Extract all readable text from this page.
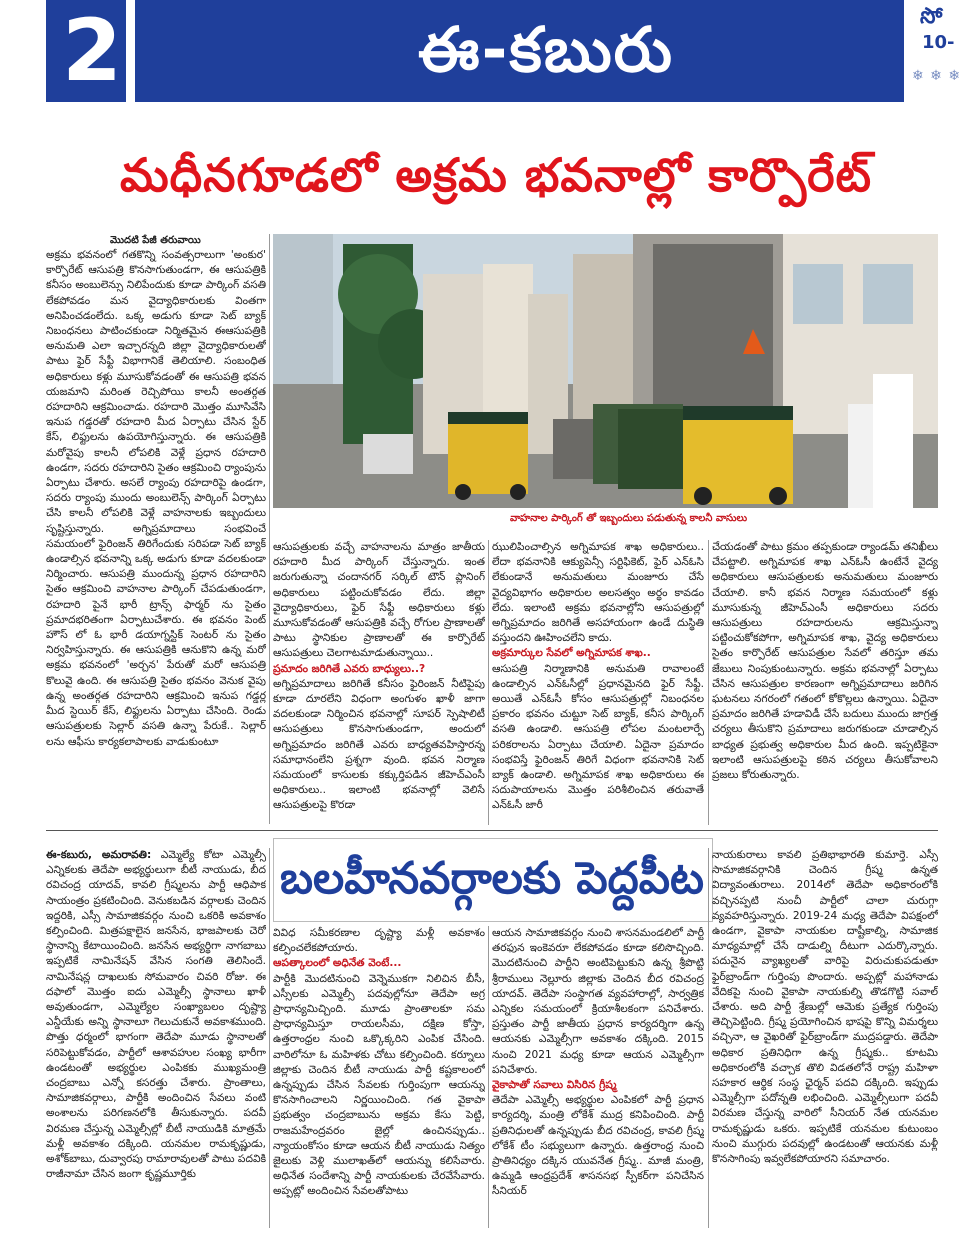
2	ఈ-కబురు	సో
10-
❄ ❄ ❄
మధీనగూడలో అక్రమ భవనాల్లో కార్పొరేట్
మొదటి పేజీ తరువాయి

అక్రమ భవనంలో గతకొన్ని సంవత్సరాలుగా 'అంకుర' కార్పొరేట్ ఆసుపత్రి కొనసాగుతుండగా, ఈ ఆసుపత్రికి కనీసం అంబులెన్సు నిలిపేందుకు కూడా పార్కింగ్ వసతి లేకపోవడం మన వైద్యాధికారులకు వింతగా అనిపించడంలేదు. ఒక్క అడుగు కూడా సెట్ బ్యాక్ నిబంధనలు పాటించకుండా నిర్మితమైన ఈఆసుపత్రికి అనుమతి ఎలా ఇచ్చారన్నది జిల్లా వైద్యాధికారులతో పాటు ఫైర్ సేఫ్టీ విభాగానికే తెలియాలి. సంబంధిత అధికారులు కళ్లు మూసుకోవడంతో ఈ ఆసుపత్రి భవన యజమాని మరింత రెచ్చిపోయి కాలనీ అంతర్గత రహదారిని ఆక్రమించాడు. రహదారి మొత్తం మూసివేసి ఇనుప గడ్డరతో రహదారి మీద ఏర్పాటు చేసిన స్టేర్ కేస్, లిఫ్టులను ఉపయోగిస్తున్నారు. ఈ ఆసుపత్రికి మరోవైపు కాలనీ లోపలికి వెళ్లే ప్రధాన రహదారి ఉండగా, సదరు రహదారిని సైతం ఆక్రమించి ర్యాంపును ఏర్పాటు చేశారు. అసలే ర్యాంపు రహదారిపై ఉండగా, సదరు ర్యాంపు ముందు అంబులెన్స్ పార్కింగ్ ఏర్పాటు చేసి కాలనీ లోపలికి వెళ్లే వాహనాలకు ఇబ్బందులు సృష్టిస్తున్నారు. అగ్నిప్రమాదాలు సంభవించే సమయంలో ఫైరింజన్ తిరిగేందుకు సరిపడా సెట్ బ్యాక్ ఉండాల్సిన భవనాన్ని ఒక్క అడుగు కూడా వదలకుండా నిర్మించారు. ఆసుపత్రి ముందున్న ప్రధాన రహదారిని సైతం ఆక్రమించి వాహనాల పార్కింగ్ చేపడుతుండగా, రహదారి పైనే భారీ ట్రాన్స్ ఫార్మర్ ను సైతం ప్రమాదభరితంగా ఏర్పాటుచేశారు. ఈ భవనం పెంట్ హౌస్ లో ఓ భారీ డయాగ్నస్టిక్ సెంటర్ ను సైతం నిర్వహిస్తున్నారు. ఈ ఆసుపత్రికి ఆనుకొని ఉన్న మరో అక్రమ భవనంలో 'అర్చన' పేరుతో మరో ఆసుపత్రి కొలువై ఉంది. ఈ ఆసుపత్రి సైతం భవనం వెనుక వైపు ఉన్న అంతర్గత రహదారిని ఆక్రమించి ఇనుప గడ్డర్ల మీద స్టెయిర్ కేస్, లిఫ్టులను ఏర్పాటు చేసింది. రెండు ఆసుపత్రులకు సెల్లార్ వసతి ఉన్నా పేరుకే.. సెల్లార్ లను ఆఫీసు కార్యకలాపాలకు వాడుకుంటూ

వాహనాల పార్కింగ్ తో ఇబ్బందులు పడుతున్న కాలనీ వాసులు

ఆసుపత్రులకు వచ్చే వాహనాలను మాత్రం జాతీయ రహదారి మీద పార్కింగ్ చేస్తున్నారు. ఇంత జరుగుతున్నా చందానగర్ సర్కిల్ టౌన్ ప్లానింగ్ అధికారులు పట్టించుకోవడం లేదు. జిల్లా వైద్యాధికారులు, ఫైర్ సేఫ్టీ అధికారులు కళ్లు మూసుకోవడంతో ఆసుపత్రికి వచ్చే రోగుల ప్రాణాలతో పాటు స్థానికుల ప్రాణాలతో ఈ కార్పొరేట్ ఆసుపత్రులు చెలగాటమాడుతున్నాయి..

ప్రమాదం జరిగితే ఎవరు బాధ్యులు..?

అగ్నిప్రమాదాలు జరిగితే కనీసం ఫైరింజన్ నీటిపైపు కూడా దూరలేని విధంగా అంగుళం ఖాళీ జాగా వదలకుండా నిర్మించిన భవనాల్లో సూపర్ స్పెషాలిటీ ఆసుపత్రులు కొనసాగుతుండగా, అందులో అగ్నిప్రమాదం జరిగితే ఎవరు బాధ్యతవహిస్తారన్న సమాధానంలేని ప్రశ్నగా వుంది. భవన నిర్మాణ సమయంలో కాసులకు కక్కుర్తిపడిన జీహెచ్ఎంసీ అధికారులు.. ఇలాంటి భవనాల్లో వెలిసే ఆసుపత్రులపై కొరడా

ఝులిపించాల్సిన అగ్నిమాపక శాఖ అధికారులు.. లేదా భవనానికి ఆక్యుపెన్సీ సర్టిఫికెట్, ఫైర్ ఎన్ఓసి లేకుండానే అనుమతులు మంజూరు చేసే వైద్యవిభాగం అధికారుల అలసత్వం అర్థం కావడం లేదు. ఇలాంటి అక్రమ భవనాల్లోని ఆసుపత్రుల్లో అగ్నిప్రమాదం జరిగితే అసహాయంగా ఉండే దుస్థితి వస్తుందని ఊహించలేని కాదు.

అక్రమార్కుల సేవలో అగ్నిమాపక శాఖ..

ఆసుపత్రి నిర్మాణానికి అనుమతి రావాలంటే ఉండాల్సిన ఎన్ఓసీల్లో ప్రధానమైనది ఫైర్ సేఫ్టీ. అయితే ఎన్ఓసీ కోసం ఆసుపత్రుల్లో నిబంధనల ప్రకారం భవనం చుట్టూ సెట్ బ్యాక్, కనీస పార్కింగ్ వసతి ఉండాలి. ఆసుపత్రి లోపల మంటలార్పే పరికరాలను ఏర్పాటు చేయాలి. ఏదైనా ప్రమాదం సంభవిస్తే ఫైరింజన్ తిరిగే విధంగా భవనానికి సెట్ బ్యాక్ ఉండాలి. అగ్నిమాపక శాఖ అధికారులు ఈ సదుపాయాలను మొత్తం పరిశీలించిన తరువాతే ఎన్ఓసీ జారీ

చేయడంతో పాటు క్రమం తప్పకుండా ర్యాండమ్ తనిఖీలు చేపట్టాలి. అగ్నిమాపక శాఖ ఎన్ఓసీ ఉంటేనే వైద్య అధికారులు ఆసుపత్రులకు అనుమతులు మంజూరు చేయాలి. కానీ భవన నిర్మాణ సమయంలో కళ్లు మూసుకున్న జీహెచ్ఎంసీ అధికారులు సదరు ఆసుపత్రులు రహదారులను ఆక్రమిస్తున్నా పట్టించుకోకపోగా, అగ్నిమాపక శాఖ, వైద్య అధికారులు సైతం కార్పొరేట్ ఆసుపత్రుల సేవలో తరిస్తూ తమ జేబులు నింపుకుంటున్నారు. అక్రమ భవనాల్లో ఏర్పాటు చేసిన ఆసుపత్రుల కారణంగా అగ్నిప్రమాదాలు జరిగిన ఘటనలు నగరంలో గతంలో కోకొల్లలు ఉన్నాయి. ఏదైనా ప్రమాదం జరిగితే హడావిడీ చేసే బదులు ముందు జాగ్రత్త చర్యలు తీసుకొని ప్రమాదాలు జరుగకుండా చూడాల్సిన బాధ్యత ప్రభుత్వ అధికారుల మీద ఉంది. ఇప్పటికైనా ఇలాంటి ఆసుపత్రులపై కఠిన చర్యలు తీసుకోవాలని ప్రజలు కోరుతున్నారు.

బలహీనవర్గాలకు పెద్దపీట

ఈ-కబురు, అమరావతి: ఎమ్మెల్యే కోటా ఎమ్మెల్సీ ఎన్నికలకు తెదేపా అభ్యర్థులుగా బీటీ నాయుడు, బీద రవిచంద్ర యాదవ్, కావలి గ్రీష్మలను పార్టీ ఆధిపాక సాయంత్రం ప్రకటించింది. వెనుకబడిన వర్గాలకు చెందిన ఇద్దరికి, ఎస్సీ సామాజికవర్గం నుంచి ఒకరికి అవకాశం కల్పించింది. మిత్రపక్షాలైన జనసేన, భాజపాలకు చెరో స్థానాన్ని కేటాయించింది. జనసేన అభ్యర్థిగా నాగబాబు ఇప్పటికే నామినేషన్ వేసిన సంగతి తెలిసిందే. నామినేషన్ల దాఖలుకు సోమవారం చివరి రోజు. ఈ దఫాలో మొత్తం ఐదు ఎమ్మెల్సీ స్థానాలు ఖాళీ అవుతుండగా, ఎమ్మెల్యేల సంఖ్యాబలం దృష్ట్యా ఎన్డీయేకు అన్ని స్థానాలూ గెలుచుకునే అవకాశముంది. పొత్తు ధర్మంలో భాగంగా తెదేపా మూడు స్థానాలతో సరిపెట్టుకోవడం, పార్టీలో ఆశావహుల సంఖ్య భారీగా ఉండటంతో అభ్యర్థుల ఎంపికకు ముఖ్యమంత్రి చంద్రబాబు ఎన్నో కసరత్తు చేశారు. ప్రాంతాలు, సామాజికవర్గాలు, పార్టీకి అందించిన సేవలు వంటి అంశాలను పరిగణనలోకి తీసుకున్నారు. పదవీ విరమణ చేస్తున్న ఎమ్మెల్సీల్లో బీటీ నాయుడికి మాత్రమే మళ్లీ అవకాశం దక్కింది. యనమల రామకృష్ణుడు, అశోక్‌బాబు, దువ్వారపు రామారావులతో పాటు పదవికి రాజీనామా చేసిన జంగా కృష్ణమూర్తికు

వివిధ సమీకరణాల దృష్ట్యా మళ్లీ అవకాశం కల్పించలేకపోయారు.

ఆపత్కాలంలో అధినేత వెంటే...

పార్టీకి మొదటినుంచి వెన్నెముకగా నిలిచిన బీసీ, ఎస్సీలకు ఎమ్మెల్సీ పదవుల్లోనూ తెదేపా అగ్ర ప్రాధాన్యమిచ్చింది. మూడు ప్రాంతాలకూ సమ ప్రాధాన్యమిస్తూ రాయలసీమ, దక్షిణ కోస్తా, ఉత్తరాంధ్రల నుంచి ఒక్కొక్కరిని ఎంపిక చేసింది. వారిలోనూ ఓ మహిళకు చోటు కల్పించింది. కర్నూలు జిల్లాకు చెందిన బీటీ నాయుడు పార్టీ కష్టకాలంలో ఉన్నప్పుడు చేసిన సేవలకు గుర్తింపుగా ఆయన్ను కొనసాగించాలని నిర్ణయించింది. గత వైకాపా ప్రభుత్వం చంద్రబాబును అక్రమ కేసు పెట్టి, రాజమహేంద్రవరం జైల్లో ఉంచినప్పుడు.. న్యాయంకోసం కూడా ఆయన బీటీ నాయుడు నిత్యం జైలుకు వెళ్లి ములాఖత్‌లో ఆయన్ను కలిసేవారు. అధినేత సందేశాన్ని పార్టీ నాయకులకు చేరవేసేవారు. అప్పట్లో అందించిన సేవలతోపాటు

ఆయన సామాజికవర్గం నుంచి శాసనమండలిలో పార్టీ తరఫున ఇంకెవరూ లేకపోవడం కూడా కలిసొచ్చింది. మొదటినుంచి పార్టీని అంటిపెట్టుకుని ఉన్న శ్రీపొట్టి శ్రీరాములు నెల్లూరు జిల్లాకు చెందిన బీద రవిచంద్ర యాదవ్. తెదేపా సంస్థాగత వ్యవహారాల్లో, సార్వత్రిక ఎన్నికల సమయంలో క్రియాశీలకంగా పనిచేశారు. ప్రస్తుతం పార్టీ జాతీయ ప్రధాన కార్యదర్శిగా ఉన్న ఆయనకు ఎమ్మెల్సీగా అవకాశం దక్కింది. 2015 నుంచి 2021 మధ్య కూడా ఆయన ఎమ్మెల్సీగా పనిచేశారు.

వైకాపాతో సవాలు విసిరిన గ్రీష్మ

తెదేపా ఎమ్మెల్సీ అభ్యర్థుల ఎంపికలో పార్టీ ప్రధాన కార్యదర్శి, మంత్రి లోకేశ్ ముద్ర కనిపించింది. పార్టీ ప్రతినిధులతో ఉన్నప్పుడు బీద రవిచంద్ర, కావలి గ్రీష్మ లోకేశ్ టీం సభ్యులుగా ఉన్నారు. ఉత్తరాంధ్ర నుంచి ప్రాతినిధ్యం దక్కిన యువనేత గ్రీష్మ.. మాజీ మంత్రి, ఉమ్మడి ఆంధ్రప్రదేశ్ శాసనసభ స్పీకర్‌గా పనిచేసిన సీనియర్

నాయకురాలు కావలి ప్రతిభాభారతి కుమార్తె. ఎస్సీ సామాజికవర్గానికి చెందిన గ్రీష్మ ఉన్నత విద్యావంతురాలు. 2014లో తెదేపా అధికారంలోకి వచ్చినప్పటి నుంచీ పార్టీలో చాలా చురుగ్గా వ్యవహరిస్తున్నారు. 2019-24 మధ్య తెదేపా విపక్షంలో ఉండగా, వైకాపా నాయకుల దాష్టీకాల్ని, సామాజిక మాధ్యమాల్లో చేసే దాడుల్ని దీటుగా ఎదుర్కొన్నారు. పదునైన వ్యాఖ్యలతో వారిపై విరుచుకుపడుతూ ఫైర్‌బ్రాండ్‌గా గుర్తింపు పొందారు. అప్పట్లో మహానాడు వేదికపై నుంచి వైకాపా నాయకుల్ని తొడగొట్టి సవాల్ చేశారు. అది పార్టీ శ్రేణుల్లో ఆమెకు ప్రత్యేక గుర్తింపు తెచ్చిపెట్టింది. గ్రీష్మ ప్రయోగించిన భాషపై కొన్ని విమర్శలు వచ్చినా, ఆ వైఖరితో ఫైర్‌బ్రాండ్‌గా ముద్రపడ్డారు. తెదేపా అధికార ప్రతినిధిగా ఉన్న గ్రీష్మకు.. కూటమి అధికారంలోకి వచ్చాక తొలి విడతలోనే రాష్ట్ర మహిళా సహకార ఆర్థిక సంస్థ ఛైర్మన్ పదవి దక్కింది. ఇప్పుడు ఎమ్మెల్సీగా పదోన్నతి లభించింది. ఎమ్మెల్సీలుగా పదవీ విరమణ చేస్తున్న వారిలో సీనియర్ నేత యనమల రామకృష్ణుడు ఒకరు. ఇప్పటికే యనమల కుటుంబం నుంచి ముగ్గురు పదవుల్లో ఉండటంతో ఆయనకు మళ్లీ కొనసాగింపు ఇవ్వలేకపోయారని సమాచారం.
